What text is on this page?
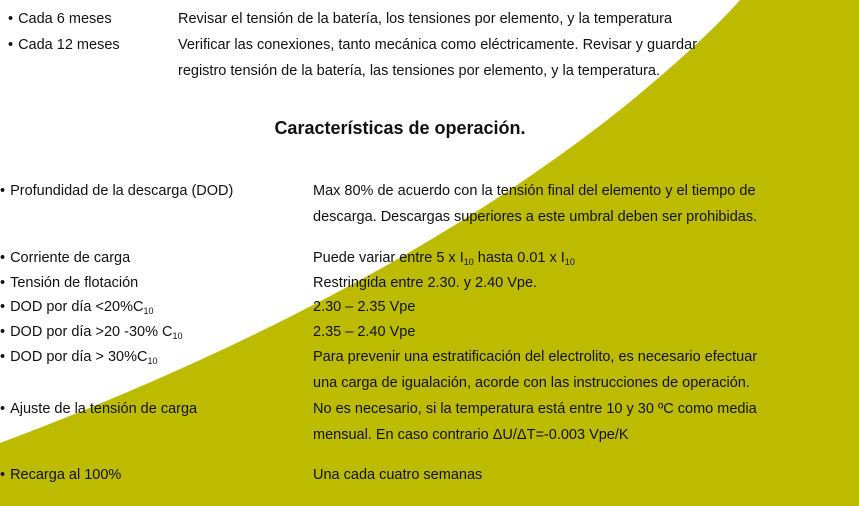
• Cada 6 meses	Revisar el tensión de la batería, los tensiones por elemento, y la temperatura
• Cada 12 meses	Verificar las conexiones, tanto mecánica como eléctricamente. Revisar y guardar
registro tensión de la batería, las tensiones por elemento, y la temperatura.
Características de operación.
• Profundidad de la descarga (DOD)	Max 80% de acuerdo con la tensión final del elemento y el tiempo de
descarga. Descargas superiores a este umbral deben ser prohibidas.
• Corriente de carga	Puede variar entre 5 x $I_{10}$ hasta 0.01 x $I_{10}$
• Tensión de flotación	Restringida entre 2.30. y 2.40 Vpe.
• DOD por día $<20\%C_{10}$	2.30 – 2.35 Vpe
• DOD por día >20 -30% $C_{10}$	2.35 – 2.40 Vpe
• DOD por día > $30\%C_{10}$	Para prevenir una estratificación del electrolito, es necesario efectuar
una carga de igualación, acorde con las instrucciones de operación.
• Ajuste de la tensión de carga	No es necesario, si la temperatura está entre 10 y 30 ºC como media
mensual. En caso contrario ΔU/ΔT=-0.003 Vpe/K
• Recarga al 100%	Una cada cuatro semanas
